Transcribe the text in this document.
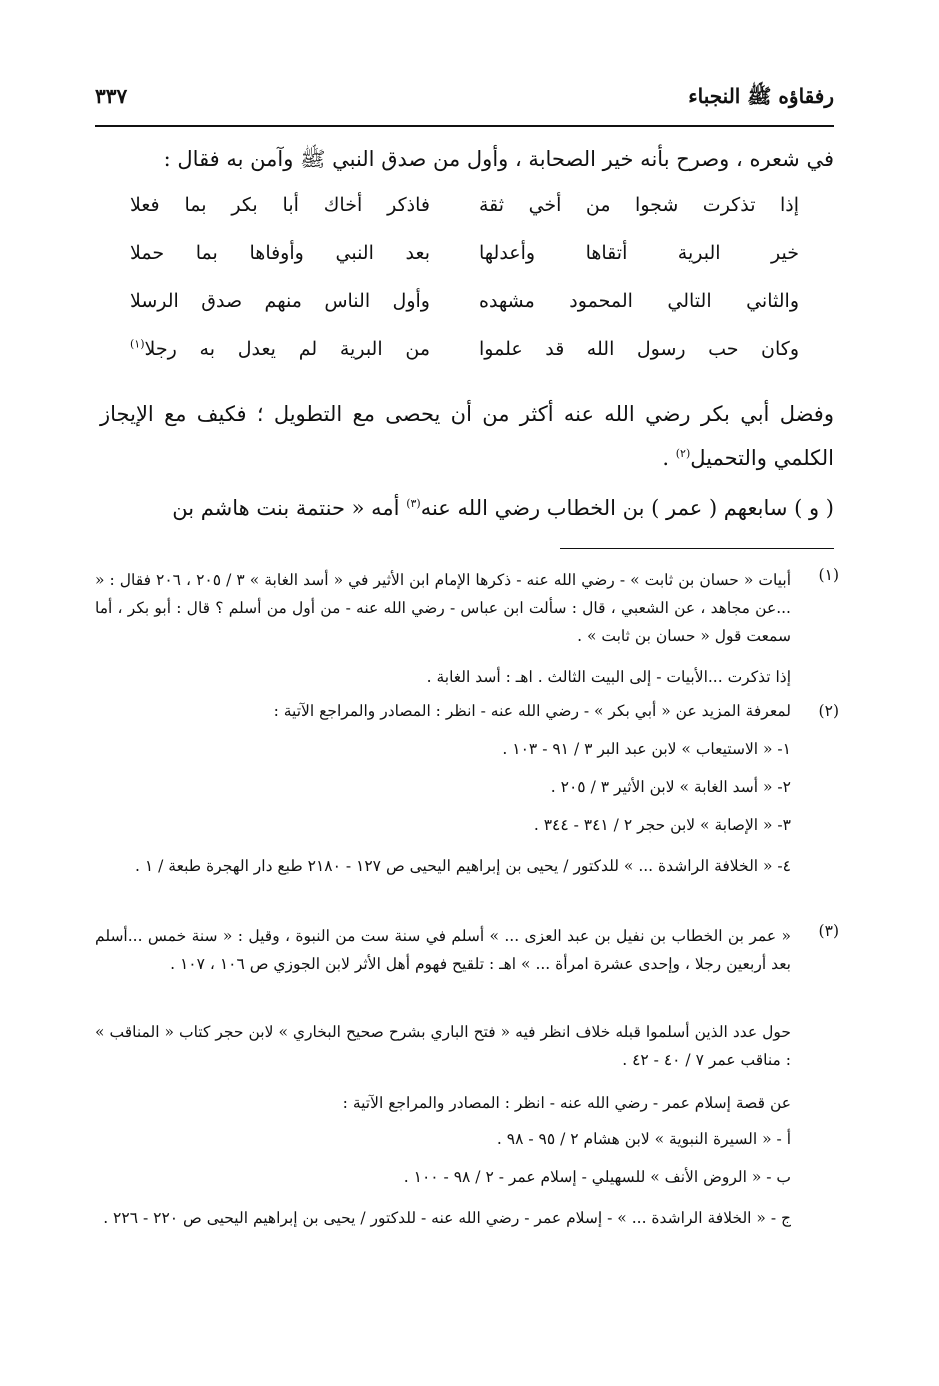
رفقاؤه ﷺ النجباء
٣٣٧
في شعره ، وصرح بأنه خير الصحابة ، وأول من صدق النبي ﷺ وآمن به فقال :
إذا تذكرت شجوا من أخي ثقة
فاذكر أخاك أبا بكر بما فعلا
خير البرية أتقاها وأعدلها
بعد النبي وأوفاها بما حملا
والثاني التالي المحمود مشهده
وأول الناس منهم صدق الرسلا
وكان حب رسول الله قد علموا
من البرية لم يعدل به رجلا$^{(١)}$
وفضل أبي بكر رضي الله عنه أكثر من أن يحصى مع التطويل ؛ فكيف مع الإيجاز الكلمي والتحميل$^{(٢)}$ .
( و ) سابعهم ( عمر ) بن الخطاب رضي الله عنه$^{(٣)}$ أمه « حنتمة بنت هاشم بن
(١)
أبيات « حسان بن ثابت » - رضي الله عنه - ذكرها الإمام ابن الأثير في « أسد الغابة » ٣ / ٢٠٥ ، ٢٠٦ فقال : « ...عن مجاهد ، عن الشعبي ، قال : سألت ابن عباس - رضي الله عنه - من أول من أسلم ؟ قال : أبو بكر ، أما سمعت قول « حسان بن ثابت » .
إذا تذكرت ...الأبيات - إلى البيت الثالث . اهـ : أسد الغابة .
(٢)
لمعرفة المزيد عن « أبي بكر » - رضي الله عنه - انظر : المصادر والمراجع الآتية :
١- « الاستيعاب » لابن عبد البر ٣ / ٩١ - ١٠٣ .
٢- « أسد الغابة » لابن الأثير ٣ / ٢٠٥ .
٣- « الإصابة » لابن حجر ٢ / ٣٤١ - ٣٤٤ .
٤- « الخلافة الراشدة ... » للدكتور / يحيى بن إبراهيم اليحيى ص ١٢٧ - ٢١٨٠ طبع دار الهجرة طبعة / ١ .
(٣)
« عمر بن الخطاب بن نفيل بن عبد العزى ... » أسلم في سنة ست من النبوة ، وقيل : « سنة خمس ...أسلم بعد أربعين رجلا ، وإحدى عشرة امرأة ... » اهـ : تلقيح فهوم أهل الأثر لابن الجوزي ص ١٠٦ ، ١٠٧ .
حول عدد الذين أسلموا قبله خلاف انظر فيه « فتح الباري بشرح صحيح البخاري » لابن حجر كتاب « المناقب » : مناقب عمر ٧ / ٤٠ - ٤٢ .
عن قصة إسلام عمر - رضي الله عنه - انظر : المصادر والمراجع الآتية :
أ - « السيرة النبوية » لابن هشام ٢ / ٩٥ - ٩٨ .
ب - « الروض الأنف » للسهيلي - إسلام عمر - ٢ / ٩٨ - ١٠٠ .
ج - « الخلافة الراشدة ... » - إسلام عمر - رضي الله عنه - للدكتور / يحيى بن إبراهيم اليحيى ص ٢٢٠ - ٢٢٦ .
